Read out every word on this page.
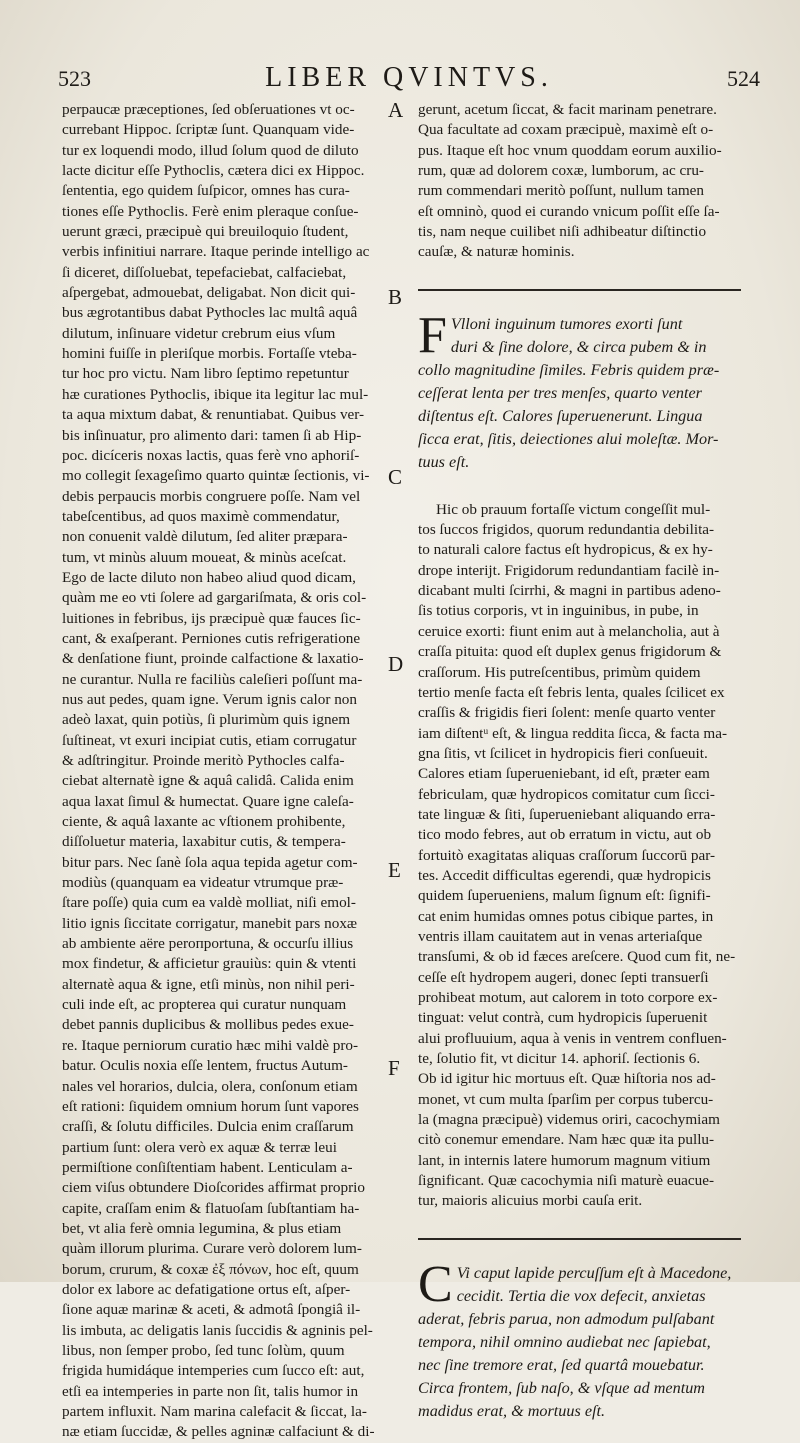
523	LIBER QVINTVS.	524
perpaucæ præceptiones, ſed obſeruationes vt oc-
currebant Hippoc. ſcriptæ ſunt. Quanquam vide-
tur ex loquendi modo, illud ſolum quod de diluto
lacte dicitur eſſe Pythoclis, cætera dici ex Hippoc.
ſententia, ego quidem ſuſpicor, omnes has cura-
tiones eſſe Pythoclis. Ferè enim pleraque conſue-
uerunt græci, præcipuè qui breuiloquio ſtudent,
verbis infinitiui narrare. Itaque perinde intelligo ac
ſi diceret, diſſoluebat, tepefaciebat, calfaciebat,
aſpergebat, admouebat, deligabat. Non dicit qui-
bus ægrotantibus dabat Pythocles lac multâ aquâ
dilutum, inſinuare videtur crebrum eius vſum
homini fuiſſe in pleriſque morbis. Fortaſſe vteba-
tur hoc pro victu. Nam libro ſeptimo repetuntur
hæ curationes Pythoclis, ibique ita legitur lac mul-
ta aqua mixtum dabat, & renuntiabat. Quibus ver-
bis inſinuatur, pro alimento dari: tamen ſi ab Hip-
poc. dicíceris noxas lactis, quas ferè vno aphoriſ-
mo collegit ſexageſimo quarto quintæ ſectionis, vi-
debis perpaucis morbis congruere poſſe. Nam vel
tabeſcentibus, ad quos maximè commendatur,
non conuenit valdè dilutum, ſed aliter præpara-
tum, vt minùs aluum moueat, & minùs aceſcat.
Ego de lacte diluto non habeo aliud quod dicam,
quàm me eo vti ſolere ad gargariſmata, & oris col-
luitiones in febribus, ijs præcipuè quæ fauces ſic-
cant, & exaſperant. Perniones cutis refrigeratione
& denſatione fiunt, proinde calfactione & laxatio-
ne curantur. Nulla re faciliùs caleſieri poſſunt ma-
nus aut pedes, quam igne. Verum ignis calor non
adeò laxat, quin potiùs, ſi plurimùm quis ignem
ſuſtineat, vt exuri incipiat cutis, etiam corrugatur
& adſtringitur. Proinde meritò Pythocles calfa-
ciebat alternatè igne & aquâ calidâ. Calida enim
aqua laxat ſimul & humectat. Quare igne caleſa-
ciente, & aquâ laxante ac vſtionem prohibente,
diſſoluetur materia, laxabitur cutis, & tempera-
bitur pars. Nec ſanè ſola aqua tepida agetur com-
modiùs (quanquam ea videatur vtrumque præ-
ſtare poſſe) quia cum ea valdè molliat, niſi emol-
litio ignis ſiccitate corrigatur, manebit pars noxæ
ab ambiente aëre perопportuna, & occurſu illius
mox findetur, & afficietur grauiùs: quin & vtenti
alternatè aqua & igne, etſi minùs, non nihil peri-
culi inde eſt, ac propterea qui curatur nunquam
debet pannis duplicibus & mollibus pedes exue-
re. Itaque perniorum curatio hæc mihi valdè pro-
batur. Oculis noxia eſſe lentem, fructus Autum-
nales vel horarios, dulcia, olera, conſonum etiam
eſt rationi: ſiquidem omnium horum ſunt vapores
craſſi, & ſolutu difficiles. Dulcia enim craſſarum
partium ſunt: olera verò ex aquæ & terræ leui
permiſtione conſiſtentiam habent. Lenticulam a-
ciem viſus obtundere Dioſcorides affirmat proprio
capite, craſſam enim & flatuoſam ſubſtantiam ha-
bet, vt alia ferè omnia legumina, & plus etiam
quàm illorum plurima. Curare verò dolorem lum-
borum, crurum, & coxæ ἐξ πόνων, hoc eſt, quum
dolor ex labore ac defatigatione ortus eſt, aſper-
ſione aquæ marinæ & aceti, & admotâ ſpongiâ il-
lis imbuta, ac deligatis lanis ſuccidis & agninis pel-
libus, non ſemper probo, ſed tunc ſolùm, quum
frigida humidáque intemperies cum ſucco eſt: aut,
etſi ea intemperies in parte non ſit, talis humor in
partem influxit. Nam marina calefacit & ſiccat, la-
næ etiam ſuccidæ, & pelles agninæ calfaciunt & di-
gerunt, acetum ſiccat, & facit marinam penetrare.
Qua facultate ad coxam præcipuè, maximè eſt o-
pus. Itaque eſt hoc vnum quoddam eorum auxilio-
rum, quæ ad dolorem coxæ, lumborum, ac cru-
rum commendari meritò poſſunt, nullum tamen
eſt omninò, quod ei curando vnicum poſſit eſſe ſa-
tis, nam neque cuilibet niſi adhibeatur diſtinctio
cauſæ, & naturæ hominis.
F Vlloni inguinum tumores exorti ſunt
duri & ſine dolore, & circa pubem & in
collo magnitudine ſimiles. Febris quidem præ-
ceſſerat lenta per tres menſes, quarto venter
diſtentus eſt. Calores ſuperuenerunt. Lingua
ſicca erat, ſitis, deiectiones alui moleſtæ. Mor-
tuus eſt.
Hic ob prauum fortaſſe victum congeſſit mul-
tos ſuccos frigidos, quorum redundantia debilita-
to naturali calore factus eſt hydropicus, & ex hy-
drope interijt. Frigidorum redundantiam facilè in-
dicabant multi ſcirrhi, & magni in partibus adeno-
ſis totius corporis, vt in inguinibus, in pube, in
ceruice exorti: fiunt enim aut à melancholia, aut à
craſſa pituita: quod eſt duplex genus frigidorum &
craſſorum. His putreſcentibus, primùm quidem
tertio menſe facta eſt febris lenta, quales ſcilicet ex
craſſis & frigidis fieri ſolent: menſe quarto venter
iam diſtentᵘ eſt, & lingua reddita ſicca, & facta ma-
gna ſitis, vt ſcilicet in hydropicis fieri conſueuit.
Calores etiam ſuperueniebant, id eſt, præter eam
febriculam, quæ hydropicos comitatur cum ſicci-
tate linguæ & ſiti, ſuperueniebant aliquando erra-
tico modo febres, aut ob erratum in victu, aut ob
fortuitò exagitatas aliquas craſſorum ſuccorū par-
tes. Accedit difficultas egerendi, quæ hydropicis
quidem ſuperueniens, malum ſignum eſt: ſignifi-
cat enim humidas omnes potus cibique partes, in
ventris illam cauitatem aut in venas arteriaſque
transſumi, & ob id fæces areſcere. Quod cum fit, ne-
ceſſe eſt hydropem augeri, donec ſepti transuerſi
prohibeat motum, aut calorem in toto corpore ex-
tinguat: velut contrà, cum hydropicis ſuperuenit
alui profluuium, aqua à venis in ventrem confluen-
te, ſolutio fit, vt dicitur 14. aphoriſ. ſectionis 6.
Ob id igitur hic mortuus eſt. Quæ hiſtoria nos ad-
monet, vt cum multa ſparſim per corpus tubercu-
la (magna præcipuè) videmus oriri, cacochymiam
citò conemur emendare. Nam hæc quæ ita pullu-
lant, in internis latere humorum magnum vitium
ſignificant. Quæ cacochymia niſi maturè euacue-
tur, maioris alicuius morbi cauſa erit.
C Vi caput lapide percuſſum eſt à Macedone,
cecidit. Tertia die vox defecit, anxietas
aderat, febris parua, non admodum pulſabant
tempora, nihil omnino audiebat nec ſapiebat,
nec ſine tremore erat, ſed quartâ mouebatur.
Circa frontem, ſub naſo, & vſque ad mentum
madidus erat, & mortuus eſt.
A
B
C
D
E
F
